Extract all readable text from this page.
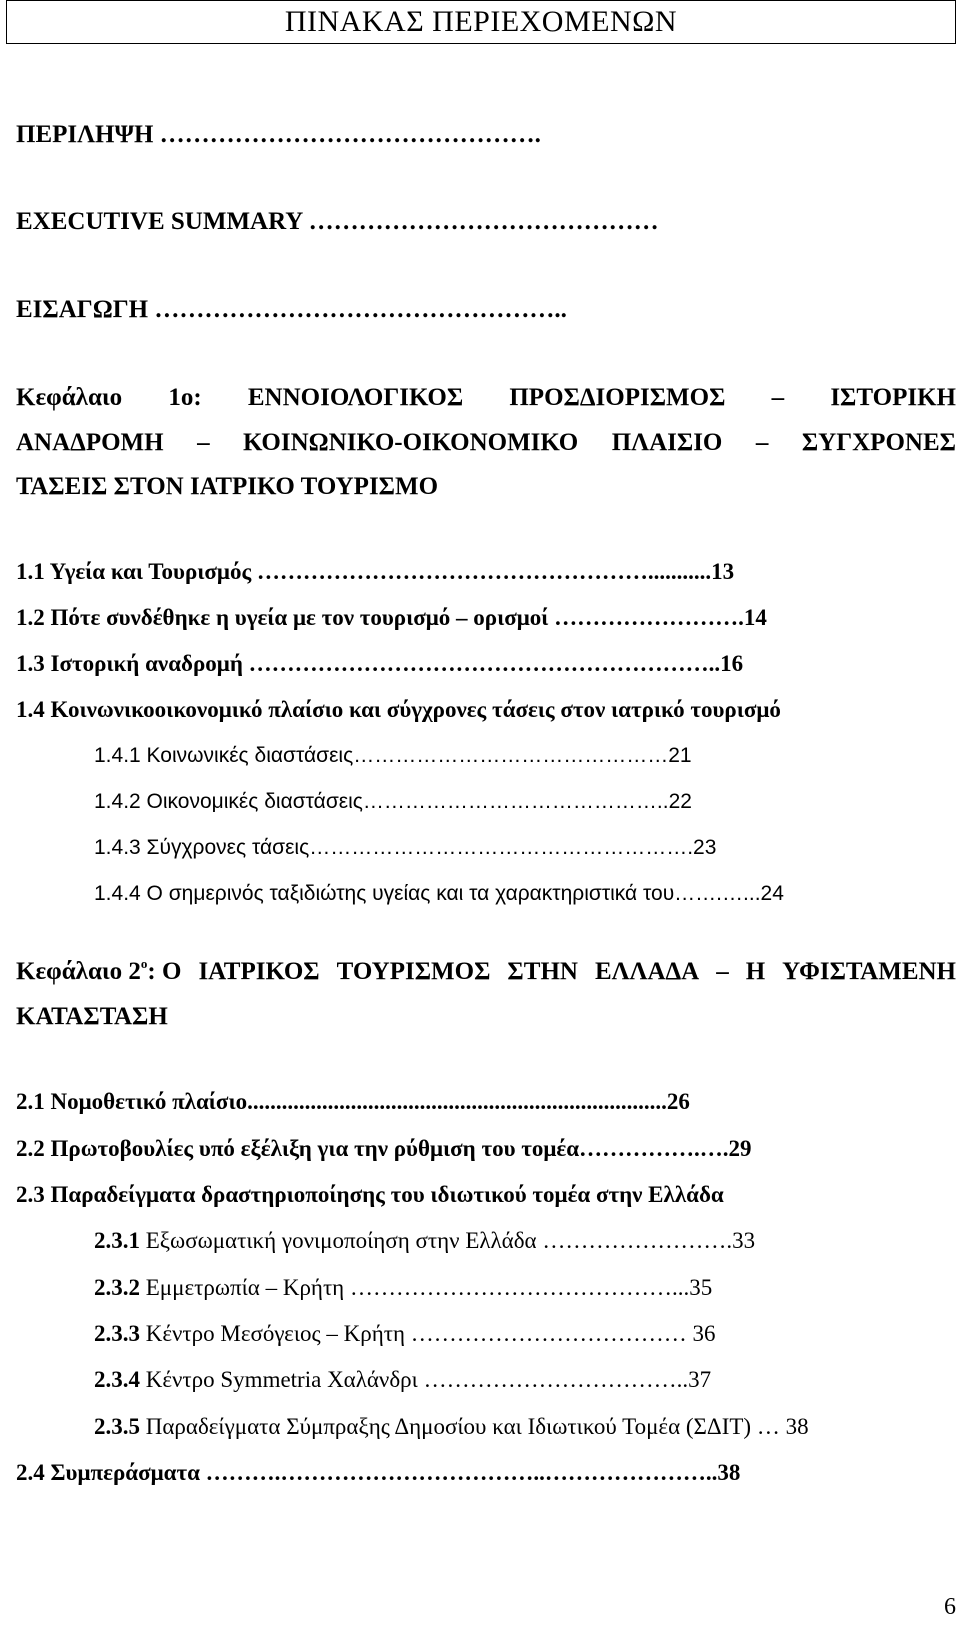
ΠΙΝΑΚΑΣ ΠΕΡΙΕΧΟΜΕΝΩΝ
ΠΕΡΙΛΗΨΗ ……………………………………….
EXECUTIVE SUMMARY ……………………………………
ΕΙΣΑΓΩΓΗ …………………………………………..
Κεφάλαιο 1ο: ΕΝΝΟΙΟΛΟΓΙΚΟΣ ΠΡΟΣΔΙΟΡΙΣΜΟΣ – ΙΣΤΟΡΙΚΗ
ΑΝΑΔΡΟΜΗ – ΚΟΙΝΩΝΙΚΟ-ΟΙΚΟΝΟΜΙΚΟ ΠΛΑΙΣΙΟ – ΣΥΓΧΡΟΝΕΣ
ΤΑΣΕΙΣ ΣΤΟΝ ΙΑΤΡΙΚΟ ΤΟΥΡΙΣΜΟ
1.1 Υγεία και Τουρισμός ……………………………………………...........13
1.2 Πότε συνδέθηκε η υγεία με τον τουρισμό – ορισμοί …………………….14
1.3 Ιστορική αναδρομή ……………………………………………………..16
1.4 Κοινωνικοοικονομικό πλαίσιο και σύγχρονες τάσεις στον ιατρικό τουρισμό
1.4.1 Κοινωνικές διαστάσεις………………………………………21
1.4.2 Οικονομικές διαστάσεις……………………………………..22
1.4.3 Σύγχρονες τάσεις……………………………………………….23
1.4.4 Ο σημερινός ταξιδιώτης υγείας και τα χαρακτηριστικά του…….…...24
Κεφάλαιο $2^o$: Ο ΙΑΤΡΙΚΟΣ ΤΟΥΡΙΣΜΟΣ ΣΤΗΝ ΕΛΛΑΔΑ – Η ΥΦΙΣΤΑΜΕΝΗ
ΚΑΤΑΣΤΑΣΗ
2.1 Νομοθετικό πλαίσιο.........................................................................26
2.2 Πρωτοβουλίες υπό εξέλιξη για την ρύθμιση του τομέα…………….….29
2.3 Παραδείγματα δραστηριοποίησης του ιδιωτικού τομέα στην Ελλάδα
2.3.1 Εξωσωματική γονιμοποίηση στην Ελλάδα …………………….33
2.3.2 Εμμετρωπία – Κρήτη ……………………………………...35
2.3.3 Κέντρο Μεσόγειος – Κρήτη ……………………………… 36
2.3.4 Κέντρο Symmetria Χαλάνδρι ……………………………..37
2.3.5 Παραδείγματα Σύμπραξης Δημοσίου και Ιδιωτικού Τομέα (ΣΔΙΤ) … 38
2.4 Συμπεράσματα ……….……………………………..…………………..38
6
